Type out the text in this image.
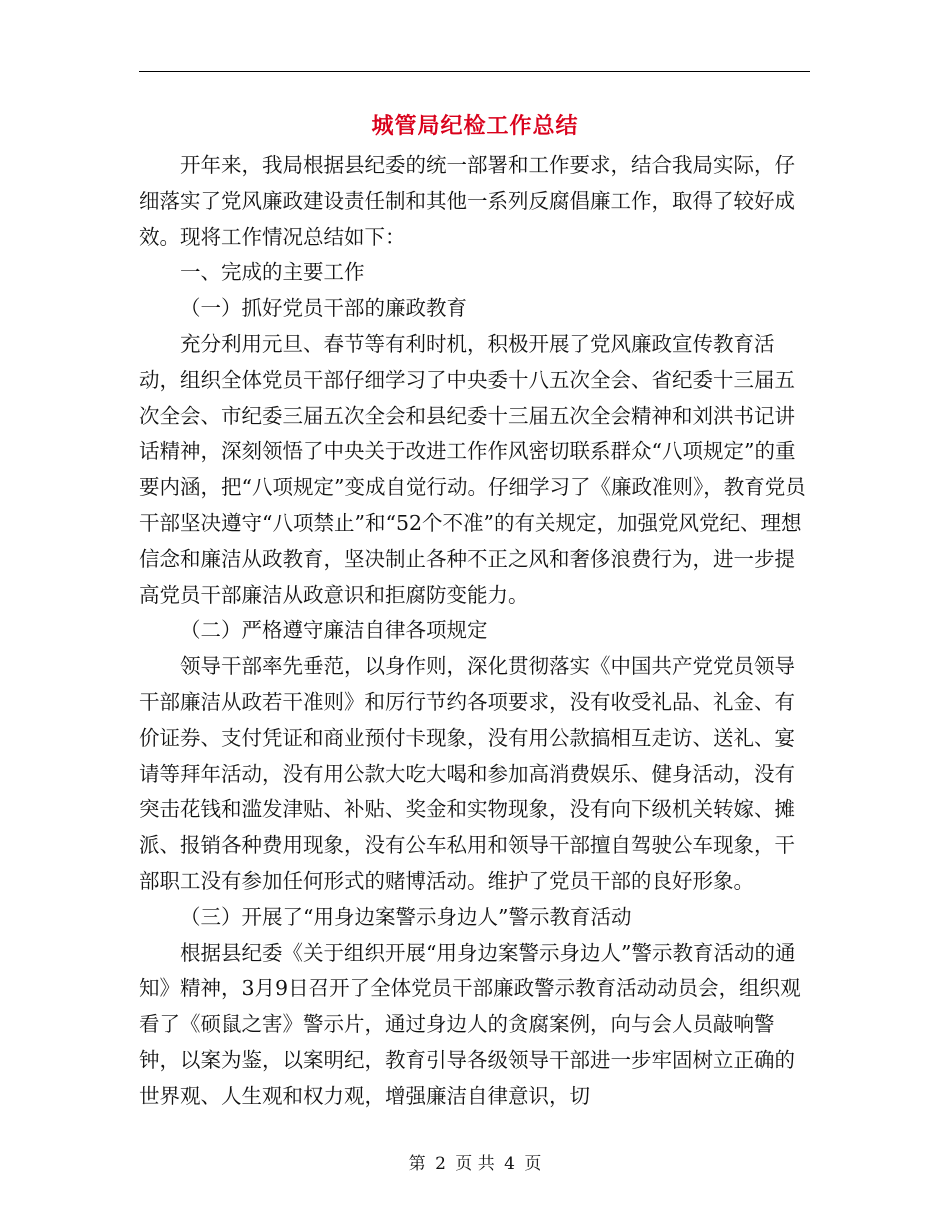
城管局纪检工作总结

开年来，我局根据县纪委的统一部署和工作要求，结合我局实际，仔细落实了党风廉政建设责任制和其他一系列反腐倡廉工作，取得了较好成效。现将工作情况总结如下：

一、完成的主要工作

（一）抓好党员干部的廉政教育

充分利用元旦、春节等有利时机，积极开展了党风廉政宣传教育活动，组织全体党员干部仔细学习了中央委十八五次全会、省纪委十三届五次全会、市纪委三届五次全会和县纪委十三届五次全会精神和刘洪书记讲话精神，深刻领悟了中央关于改进工作作风密切联系群众“八项规定”的重要内涵，把“八项规定”变成自觉行动。仔细学习了《廉政准则》，教育党员干部坚决遵守“八项禁止”和“52个不准”的有关规定，加强党风党纪、理想信念和廉洁从政教育，坚决制止各种不正之风和奢侈浪费行为，进一步提高党员干部廉洁从政意识和拒腐防变能力。

（二）严格遵守廉洁自律各项规定

领导干部率先垂范，以身作则，深化贯彻落实《中国共产党党员领导干部廉洁从政若干准则》和厉行节约各项要求，没有收受礼品、礼金、有价证券、支付凭证和商业预付卡现象，没有用公款搞相互走访、送礼、宴请等拜年活动，没有用公款大吃大喝和参加高消费娱乐、健身活动，没有突击花钱和滥发津贴、补贴、奖金和实物现象，没有向下级机关转嫁、摊派、报销各种费用现象，没有公车私用和领导干部擅自驾驶公车现象，干部职工没有参加任何形式的赌博活动。维护了党员干部的良好形象。

（三）开展了“用身边案警示身边人”警示教育活动

根据县纪委《关于组织开展“用身边案警示身边人”警示教育活动的通知》精神，3月9日召开了全体党员干部廉政警示教育活动动员会，组织观看了《硕鼠之害》警示片，通过身边人的贪腐案例，向与会人员敲响警钟，以案为鉴，以案明纪，教育引导各级领导干部进一步牢固树立正确的世界观、人生观和权力观，增强廉洁自律意识，切

第 2 页 共 4 页
